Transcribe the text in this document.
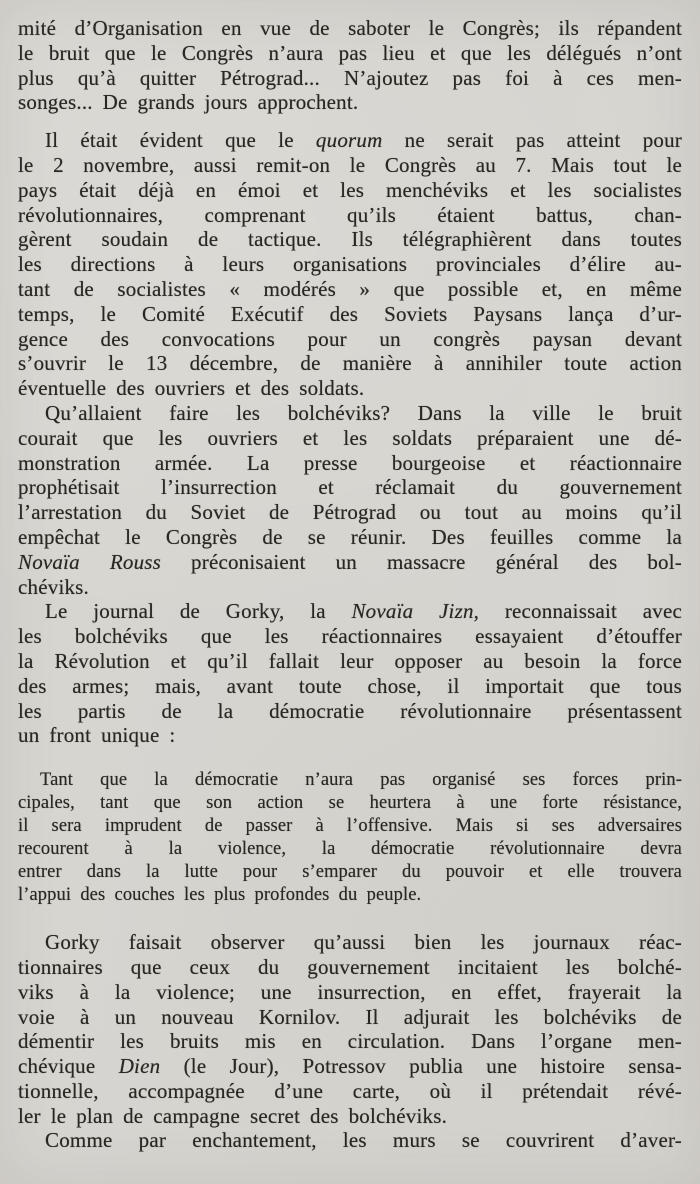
mité d’Organisation en vue de saboter le Congrès; ils répandent
le bruit que le Congrès n’aura pas lieu et que les délégués n’ont
plus qu’à quitter Pétrograd... N’ajoutez pas foi à ces men-
songes... De grands jours approchent.
Il était évident que le quorum ne serait pas atteint pour
le 2 novembre, aussi remit-on le Congrès au 7. Mais tout le
pays était déjà en émoi et les menchéviks et les socialistes
révolutionnaires, comprenant qu’ils étaient battus, chan-
gèrent soudain de tactique. Ils télégraphièrent dans toutes
les directions à leurs organisations provinciales d’élire au-
tant de socialistes « modérés » que possible et, en même
temps, le Comité Exécutif des Soviets Paysans lança d’ur-
gence des convocations pour un congrès paysan devant
s’ouvrir le 13 décembre, de manière à annihiler toute action
éventuelle des ouvriers et des soldats.
Qu’allaient faire les bolchéviks? Dans la ville le bruit
courait que les ouvriers et les soldats préparaient une dé-
monstration armée. La presse bourgeoise et réactionnaire
prophétisait l’insurrection et réclamait du gouvernement
l’arrestation du Soviet de Pétrograd ou tout au moins qu’il
empêchat le Congrès de se réunir. Des feuilles comme la
Novaïa Rouss préconisaient un massacre général des bol-
chéviks.
Le journal de Gorky, la Novaïa Jizn, reconnaissait avec
les bolchéviks que les réactionnaires essayaient d’étouffer
la Révolution et qu’il fallait leur opposer au besoin la force
des armes; mais, avant toute chose, il importait que tous
les partis de la démocratie révolutionnaire présentassent
un front unique :
Tant que la démocratie n’aura pas organisé ses forces prin-
cipales, tant que son action se heurtera à une forte résistance,
il sera imprudent de passer à l’offensive. Mais si ses adversaires
recourent à la violence, la démocratie révolutionnaire devra
entrer dans la lutte pour s’emparer du pouvoir et elle trouvera
l’appui des couches les plus profondes du peuple.
Gorky faisait observer qu’aussi bien les journaux réac-
tionnaires que ceux du gouvernement incitaient les bolché-
viks à la violence; une insurrection, en effet, frayerait la
voie à un nouveau Kornilov. Il adjurait les bolchéviks de
démentir les bruits mis en circulation. Dans l’organe men-
chévique Dien (le Jour), Potressov publia une histoire sensa-
tionnelle, accompagnée d’une carte, où il prétendait révé-
ler le plan de campagne secret des bolchéviks.
Comme par enchantement, les murs se couvrirent d’aver-
